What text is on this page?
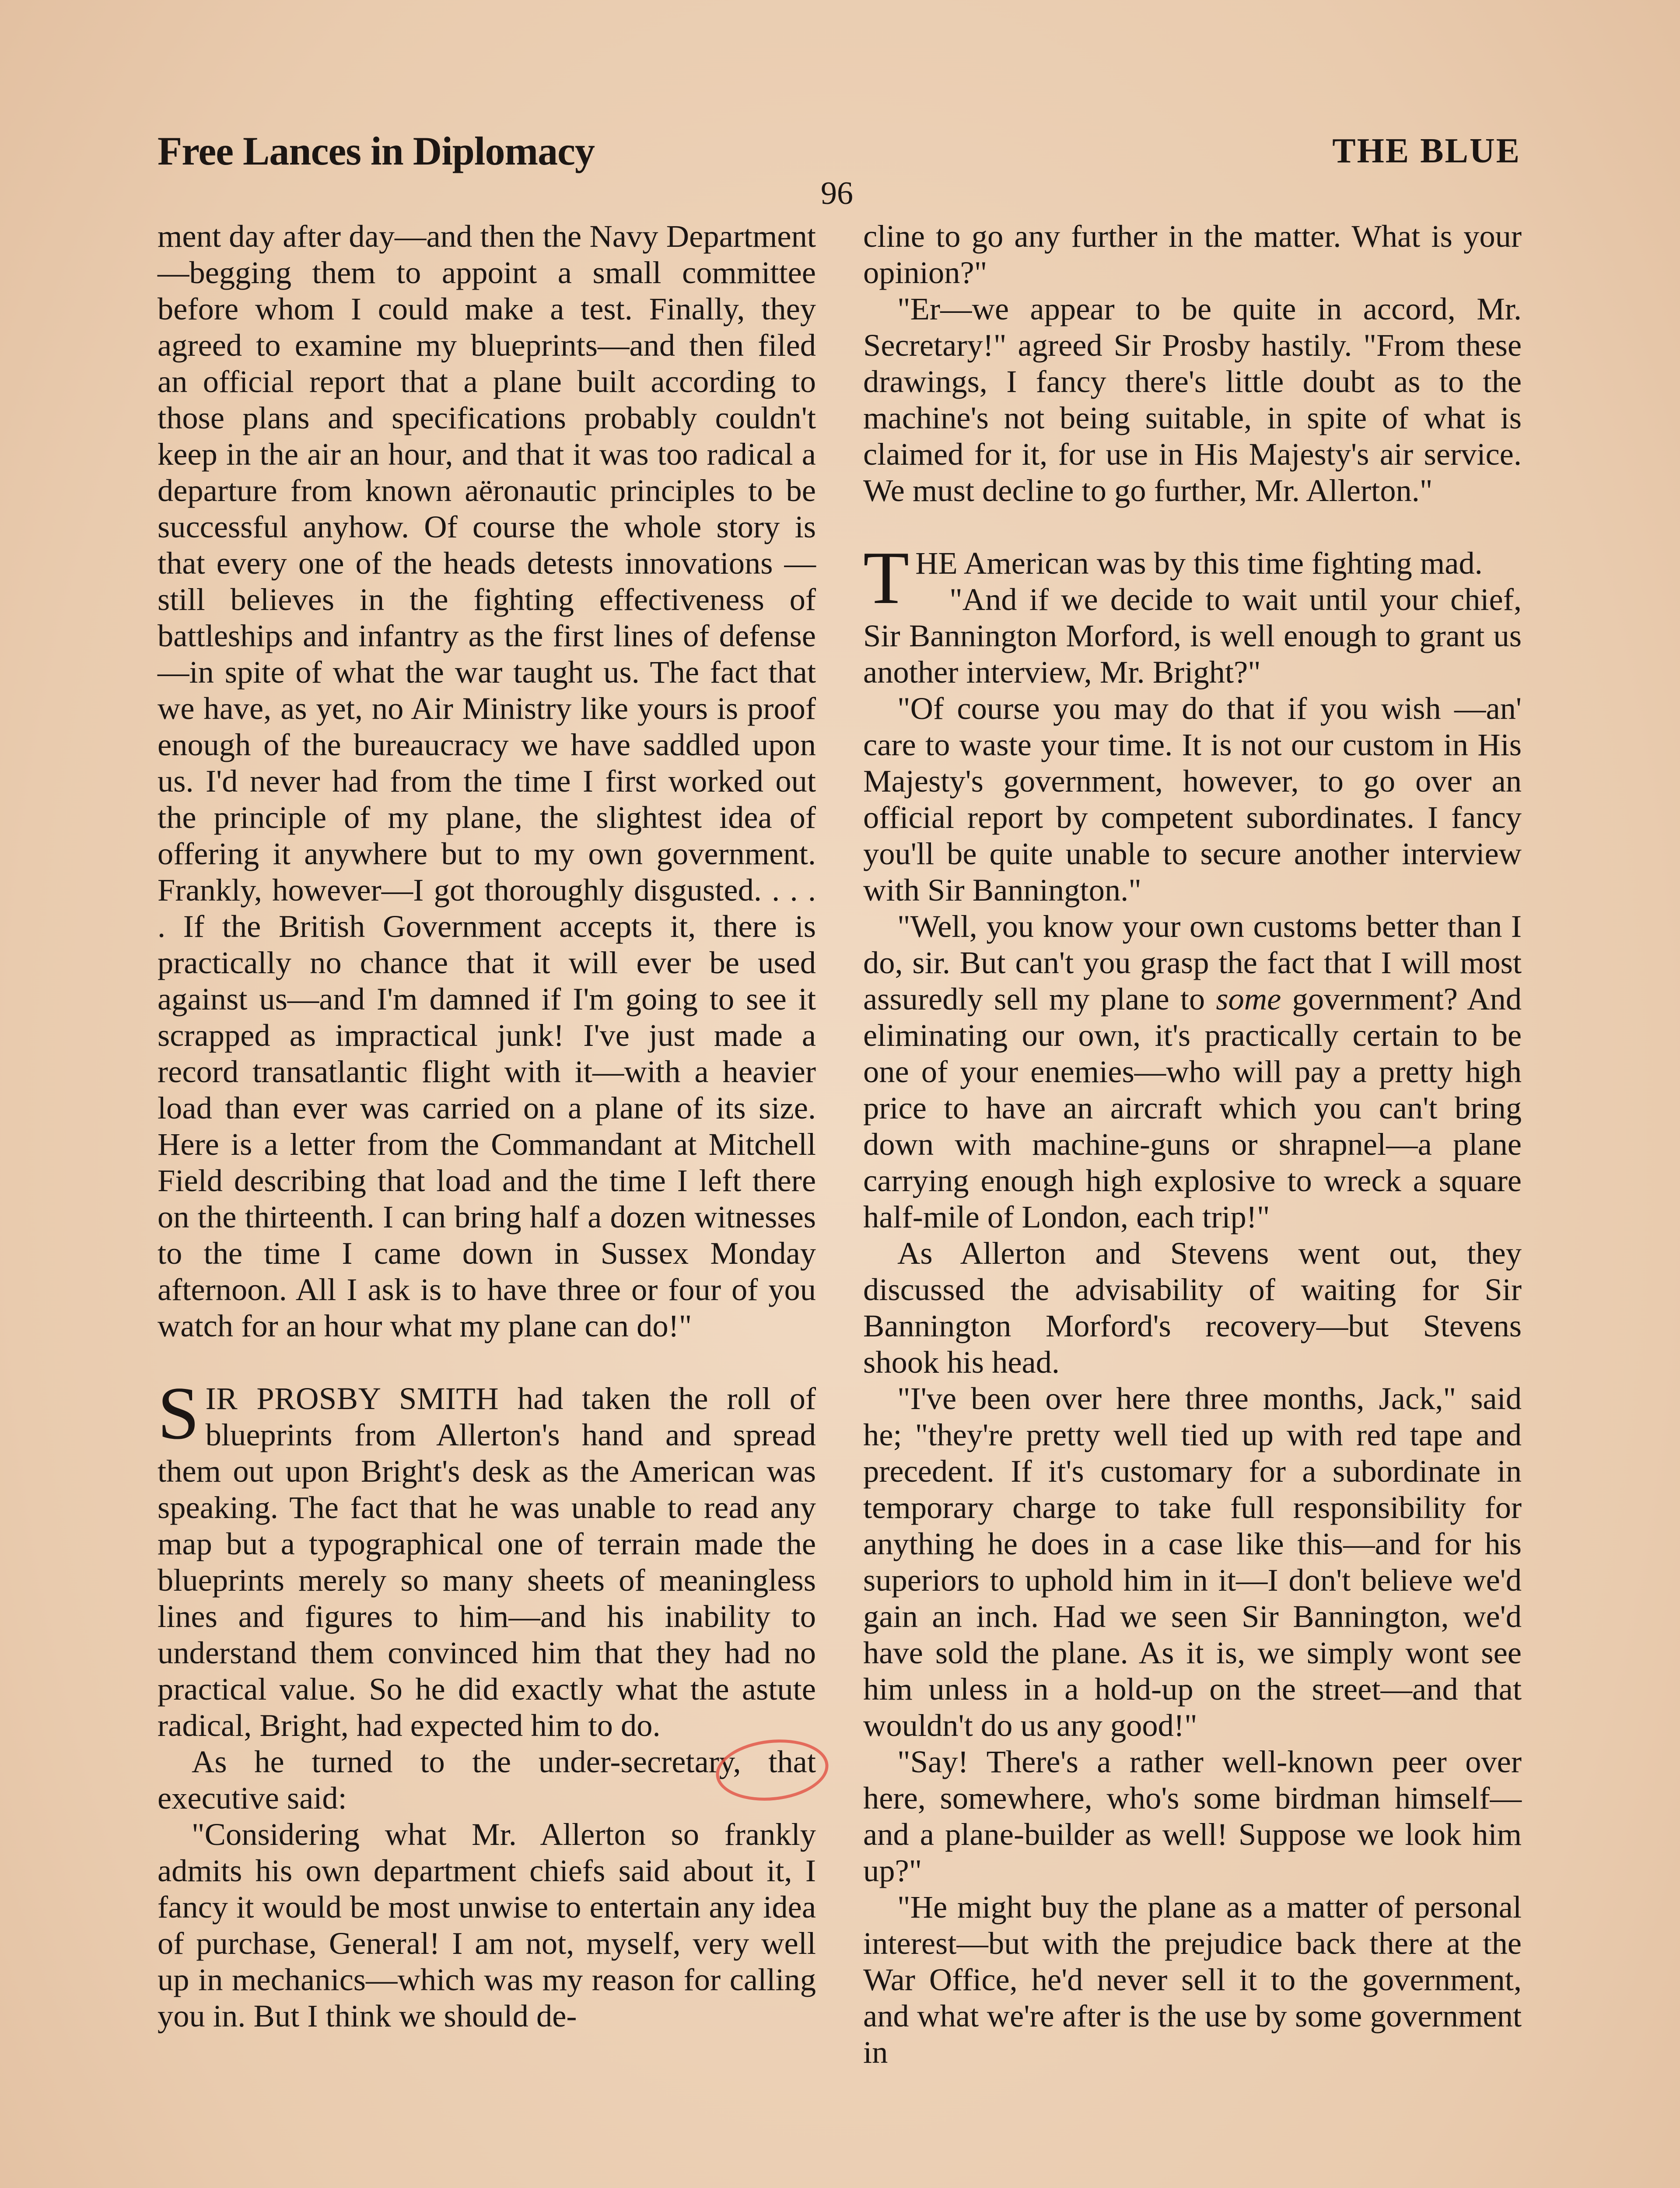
Free Lances in Diplomacy	THE BLUE
96

ment day after day—and then the Navy Department—begging them to appoint a small committee before whom I could make a test. Finally, they agreed to examine my blueprints—and then filed an official report that a plane built according to those plans and specifications probably couldn't keep in the air an hour, and that it was too radical a departure from known aëronautic principles to be successful anyhow. Of course the whole story is that every one of the heads detests innovations —still believes in the fighting effectiveness of battleships and infantry as the first lines of defense—in spite of what the war taught us. The fact that we have, as yet, no Air Ministry like yours is proof enough of the bureaucracy we have saddled upon us. I'd never had from the time I first worked out the principle of my plane, the slightest idea of offering it anywhere but to my own government. Frankly, however—I got thoroughly disgusted. . . . . If the British Government accepts it, there is practically no chance that it will ever be used against us—and I'm damned if I'm going to see it scrapped as impractical junk! I've just made a record transatlantic flight with it—with a heavier load than ever was carried on a plane of its size. Here is a letter from the Commandant at Mitchell Field describing that load and the time I left there on the thirteenth. I can bring half a dozen witnesses to the time I came down in Sussex Monday afternoon. All I ask is to have three or four of you watch for an hour what my plane can do!"

SIR PROSBY SMITH had taken the roll of blueprints from Allerton's hand and spread them out upon Bright's desk as the American was speaking. The fact that he was unable to read any map but a typographical one of terrain made the blueprints merely so many sheets of meaningless lines and figures to him—and his inability to understand them convinced him that they had no practical value. So he did exactly what the astute radical, Bright, had expected him to do.

As he turned to the under-secretary, that executive said:

"Considering what Mr. Allerton so frankly admits his own department chiefs said about it, I fancy it would be most unwise to entertain any idea of purchase, General! I am not, myself, very well up in mechanics—which was my reason for calling you in. But I think we should de-

cline to go any further in the matter. What is your opinion?"

"Er—we appear to be quite in accord, Mr. Secretary!" agreed Sir Prosby hastily. "From these drawings, I fancy there's little doubt as to the machine's not being suitable, in spite of what is claimed for it, for use in His Majesty's air service. We must decline to go further, Mr. Allerton."

THE American was by this time fighting mad.

"And if we decide to wait until your chief, Sir Bannington Morford, is well enough to grant us another interview, Mr. Bright?"

"Of course you may do that if you wish —an' care to waste your time. It is not our custom in His Majesty's government, however, to go over an official report by competent subordinates. I fancy you'll be quite unable to secure another interview with Sir Bannington."

"Well, you know your own customs better than I do, sir. But can't you grasp the fact that I will most assuredly sell my plane to some government? And eliminating our own, it's practically certain to be one of your enemies—who will pay a pretty high price to have an aircraft which you can't bring down with machine-guns or shrapnel—a plane carrying enough high explosive to wreck a square half-mile of London, each trip!"

As Allerton and Stevens went out, they discussed the advisability of waiting for Sir Bannington Morford's recovery—but Stevens shook his head.

"I've been over here three months, Jack," said he; "they're pretty well tied up with red tape and precedent. If it's customary for a subordinate in temporary charge to take full responsibility for anything he does in a case like this—and for his superiors to uphold him in it—I don't believe we'd gain an inch. Had we seen Sir Bannington, we'd have sold the plane. As it is, we simply wont see him unless in a hold-up on the street—and that wouldn't do us any good!"

"Say! There's a rather well-known peer over here, somewhere, who's some birdman himself—and a plane-builder as well! Suppose we look him up?"

"He might buy the plane as a matter of personal interest—but with the prejudice back there at the War Office, he'd never sell it to the government, and what we're after is the use by some government in
